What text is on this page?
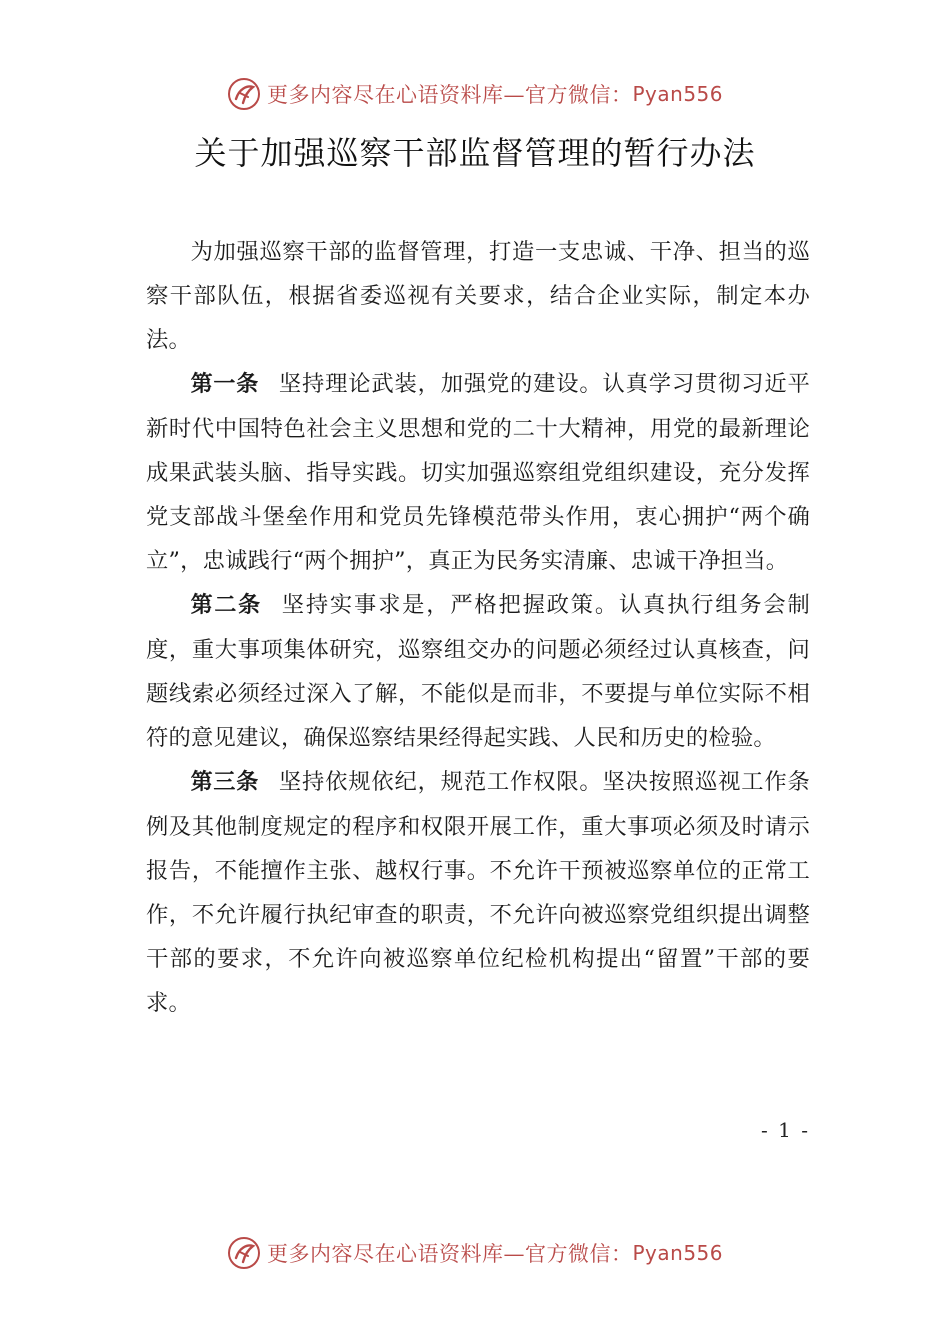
更多内容尽在心语资料库—官方微信： Pyan556
关于加强巡察干部监督管理的暂行办法

为加强巡察干部的监督管理，打造一支忠诚、干净、担当的巡察干部队伍，根据省委巡视有关要求，结合企业实际，制定本办法。

第一条 坚持理论武装，加强党的建设。认真学习贯彻习近平新时代中国特色社会主义思想和党的二十大精神，用党的最新理论成果武装头脑、指导实践。切实加强巡察组党组织建设，充分发挥党支部战斗堡垒作用和党员先锋模范带头作用，衷心拥护“两个确立”，忠诚践行“两个拥护”，真正为民务实清廉、忠诚干净担当。

第二条 坚持实事求是，严格把握政策。认真执行组务会制度，重大事项集体研究，巡察组交办的问题必须经过认真核查，问题线索必须经过深入了解，不能似是而非，不要提与单位实际不相符的意见建议，确保巡察结果经得起实践、人民和历史的检验。

第三条 坚持依规依纪，规范工作权限。坚决按照巡视工作条例及其他制度规定的程序和权限开展工作，重大事项必须及时请示报告，不能擅作主张、越权行事。不允许干预被巡察单位的正常工作，不允许履行执纪审查的职责，不允许向被巡察党组织提出调整干部的要求，不允许向被巡察单位纪检机构提出“留置”干部的要求。

- 1 -
更多内容尽在心语资料库—官方微信： Pyan556
